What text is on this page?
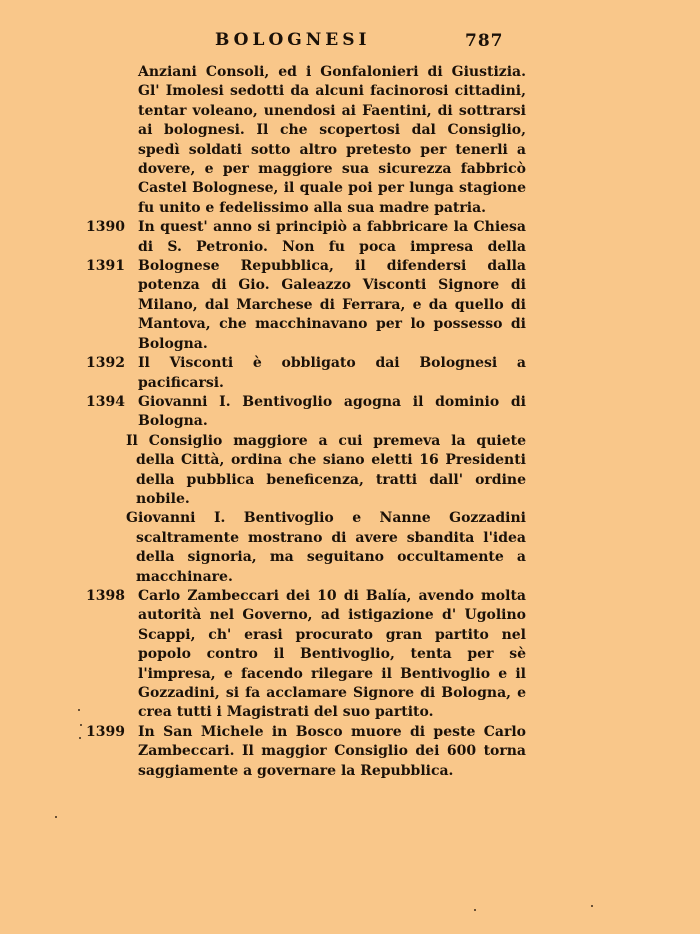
BOLOGNESI	787
Anziani Consoli, ed i Gonfalonieri di Giustizia. Gl' Imolesi sedotti da alcuni facinorosi cittadini, tentar voleano, unendosi ai Faentini, di sottrarsi ai bolognesi. Il che scopertosi dal Consiglio, spedì soldati sotto altro pretesto per tenerli a dovere, e per maggiore sua sicurezza fabbricò Castel Bolognese, il quale poi per lunga stagione fu unito e fedelissimo alla sua madre patria.
1390
1391
In quest' anno si principiò a fabbricare la Chiesa di S. Petronio. Non fu poca impresa della Bolognese Repubblica, il difendersi dalla potenza di Gio. Galeazzo Visconti Signore di Milano, dal Marchese di Ferrara, e da quello di Mantova, che macchinavano per lo possesso di Bologna.
1392 Il Visconti è obbligato dai Bolognesi a pacificarsi.
1394 Giovanni I. Bentivoglio agogna il dominio di Bologna.
Il Consiglio maggiore a cui premeva la quiete della Città, ordina che siano eletti 16 Presidenti della pubblica beneficenza, tratti dall' ordine nobile.
Giovanni I. Bentivoglio e Nanne Gozzadini scaltramente mostrano di avere sbandita l'idea della signoria, ma seguitano occultamente a macchinare.
1398 Carlo Zambeccari dei 10 di Balía, avendo molta autorità nel Governo, ad istigazione d' Ugolino Scappi, ch' erasi procurato gran partito nel popolo contro il Bentivoglio, tenta per sè l'impresa, e facendo rilegare il Bentivoglio e il Gozzadini, si fa acclamare Signore di Bologna, e crea tutti i Magistrati del suo partito.
1399 In San Michele in Bosco muore di peste Carlo Zambeccari. Il maggior Consiglio dei 600 torna saggiamente a governare la Repubblica.
